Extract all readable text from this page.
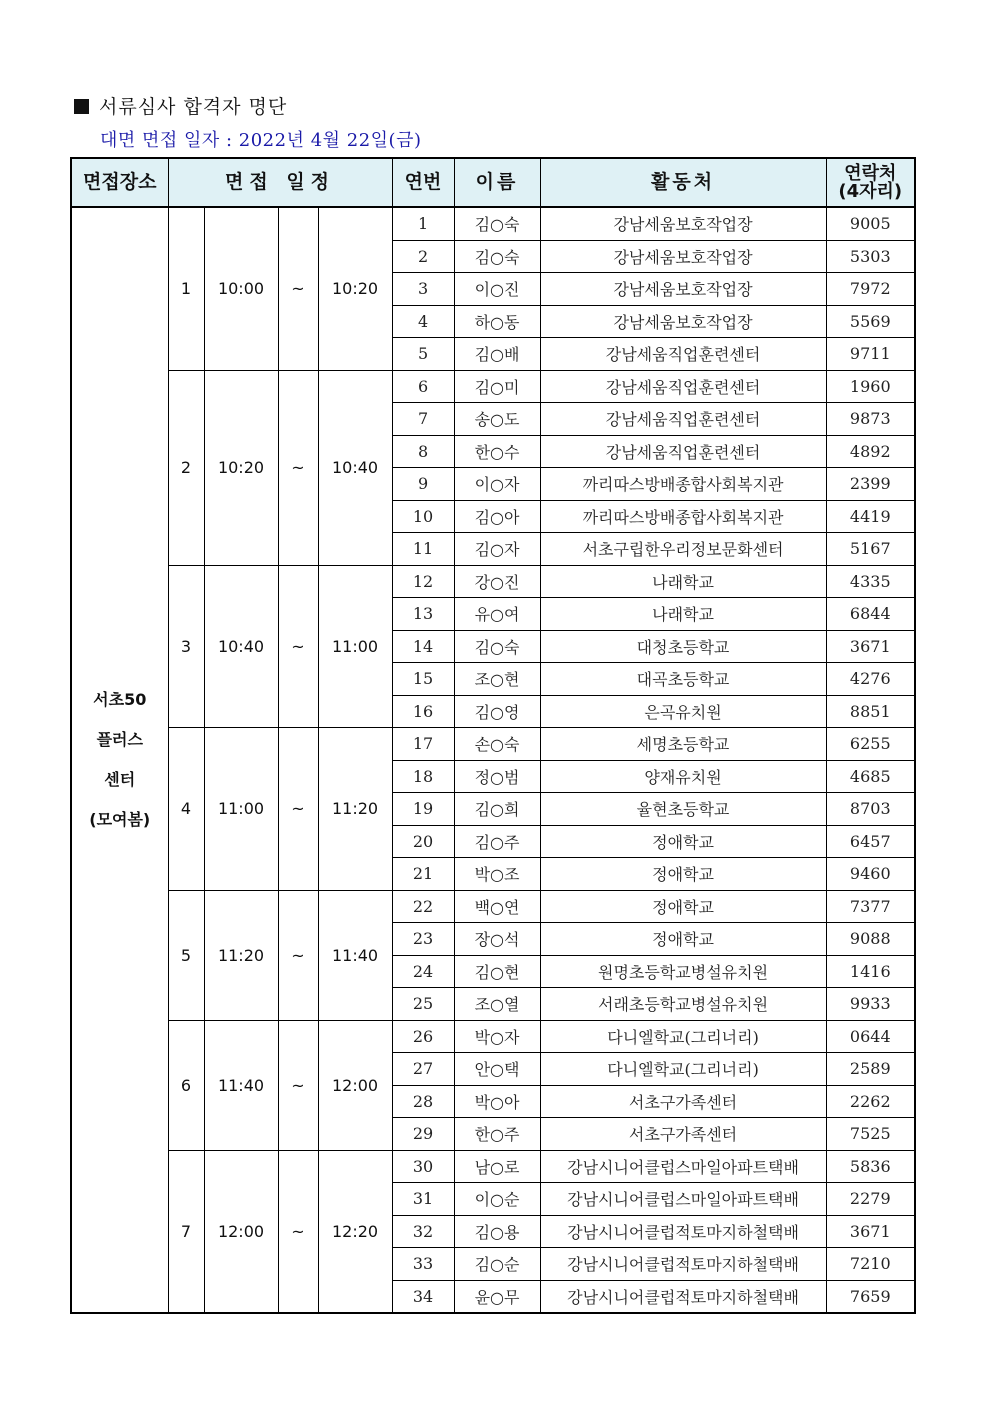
서류심사 합격자 명단
대면 면접 일자 : 2022년 4월 22일(금)
면접장소	면접 일정				연번	이름	활동처	연락처
(4자리)

서초50
플러스
센터
(모여봄)	1	10:00	~	10:20	1	김○숙	강남세움보호작업장	9005
					2	김○숙	강남세움보호작업장	5303
					3	이○진	강남세움보호작업장	7972
					4	하○동	강남세움보호작업장	5569
					5	김○배	강남세움직업훈련센터	9711
	2	10:20	~	10:40	6	김○미	강남세움직업훈련센터	1960
					7	송○도	강남세움직업훈련센터	9873
					8	한○수	강남세움직업훈련센터	4892
					9	이○자	까리따스방배종합사회복지관	2399
					10	김○아	까리따스방배종합사회복지관	4419
					11	김○자	서초구립한우리정보문화센터	5167
	3	10:40	~	11:00	12	강○진	나래학교	4335
					13	유○여	나래학교	6844
					14	김○숙	대청초등학교	3671
					15	조○현	대곡초등학교	4276
					16	김○영	은곡유치원	8851
	4	11:00	~	11:20	17	손○숙	세명초등학교	6255
					18	정○범	양재유치원	4685
					19	김○희	율현초등학교	8703
					20	김○주	정애학교	6457
					21	박○조	정애학교	9460
	5	11:20	~	11:40	22	백○연	정애학교	7377
					23	장○석	정애학교	9088
					24	김○현	원명초등학교병설유치원	1416
					25	조○열	서래초등학교병설유치원	9933
	6	11:40	~	12:00	26	박○자	다니엘학교(그리너리)	0644
					27	안○택	다니엘학교(그리너리)	2589
					28	박○아	서초구가족센터	2262
					29	한○주	서초구가족센터	7525
	7	12:00	~	12:20	30	남○로	강남시니어클럽스마일아파트택배	5836
					31	이○순	강남시니어클럽스마일아파트택배	2279
					32	김○용	강남시니어클럽적토마지하철택배	3671
					33	김○순	강남시니어클럽적토마지하철택배	7210
					34	윤○무	강남시니어클럽적토마지하철택배	7659
